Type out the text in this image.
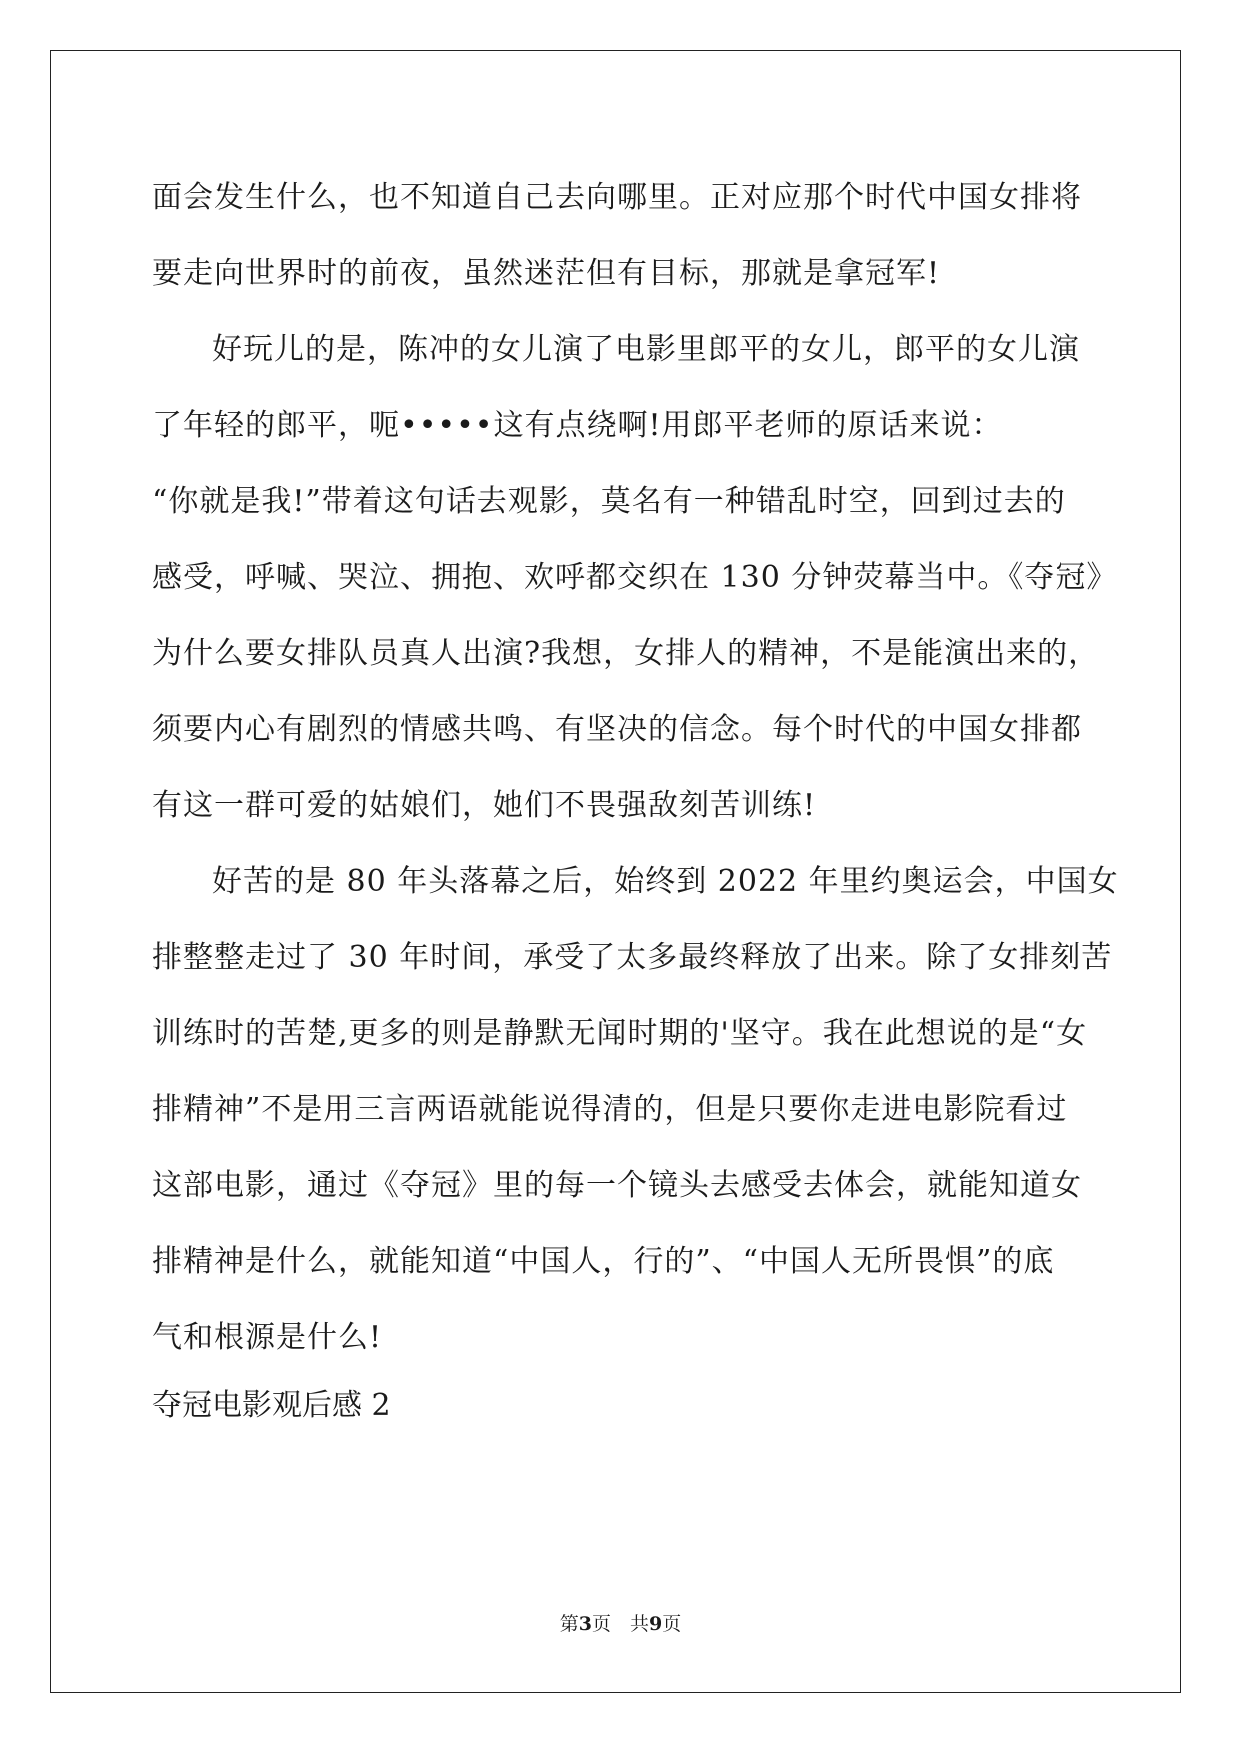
面会发生什么，也不知道自己去向哪里。正对应那个时代中国女排将
要走向世界时的前夜，虽然迷茫但有目标，那就是拿冠军!
好玩儿的是，陈冲的女儿演了电影里郎平的女儿，郎平的女儿演
了年轻的郎平，呃•••••这有点绕啊!用郎平老师的原话来说：
“你就是我!”带着这句话去观影，莫名有一种错乱时空，回到过去的
感受，呼喊、哭泣、拥抱、欢呼都交织在 130 分钟荧幕当中。《夺冠》
为什么要女排队员真人出演?我想，女排人的精神，不是能演出来的，
须要内心有剧烈的情感共鸣、有坚决的信念。每个时代的中国女排都
有这一群可爱的姑娘们，她们不畏强敌刻苦训练!
好苦的是 80 年头落幕之后，始终到 2022 年里约奥运会，中国女
排整整走过了 30 年时间，承受了太多最终释放了出来。除了女排刻苦
训练时的苦楚,更多的则是静默无闻时期的'坚守。我在此想说的是“女
排精神”不是用三言两语就能说得清的，但是只要你走进电影院看过
这部电影，通过《夺冠》里的每一个镜头去感受去体会，就能知道女
排精神是什么，就能知道“中国人，行的”、“中国人无所畏惧”的底
气和根源是什么!
夺冠电影观后感 2
第3页　共9页
